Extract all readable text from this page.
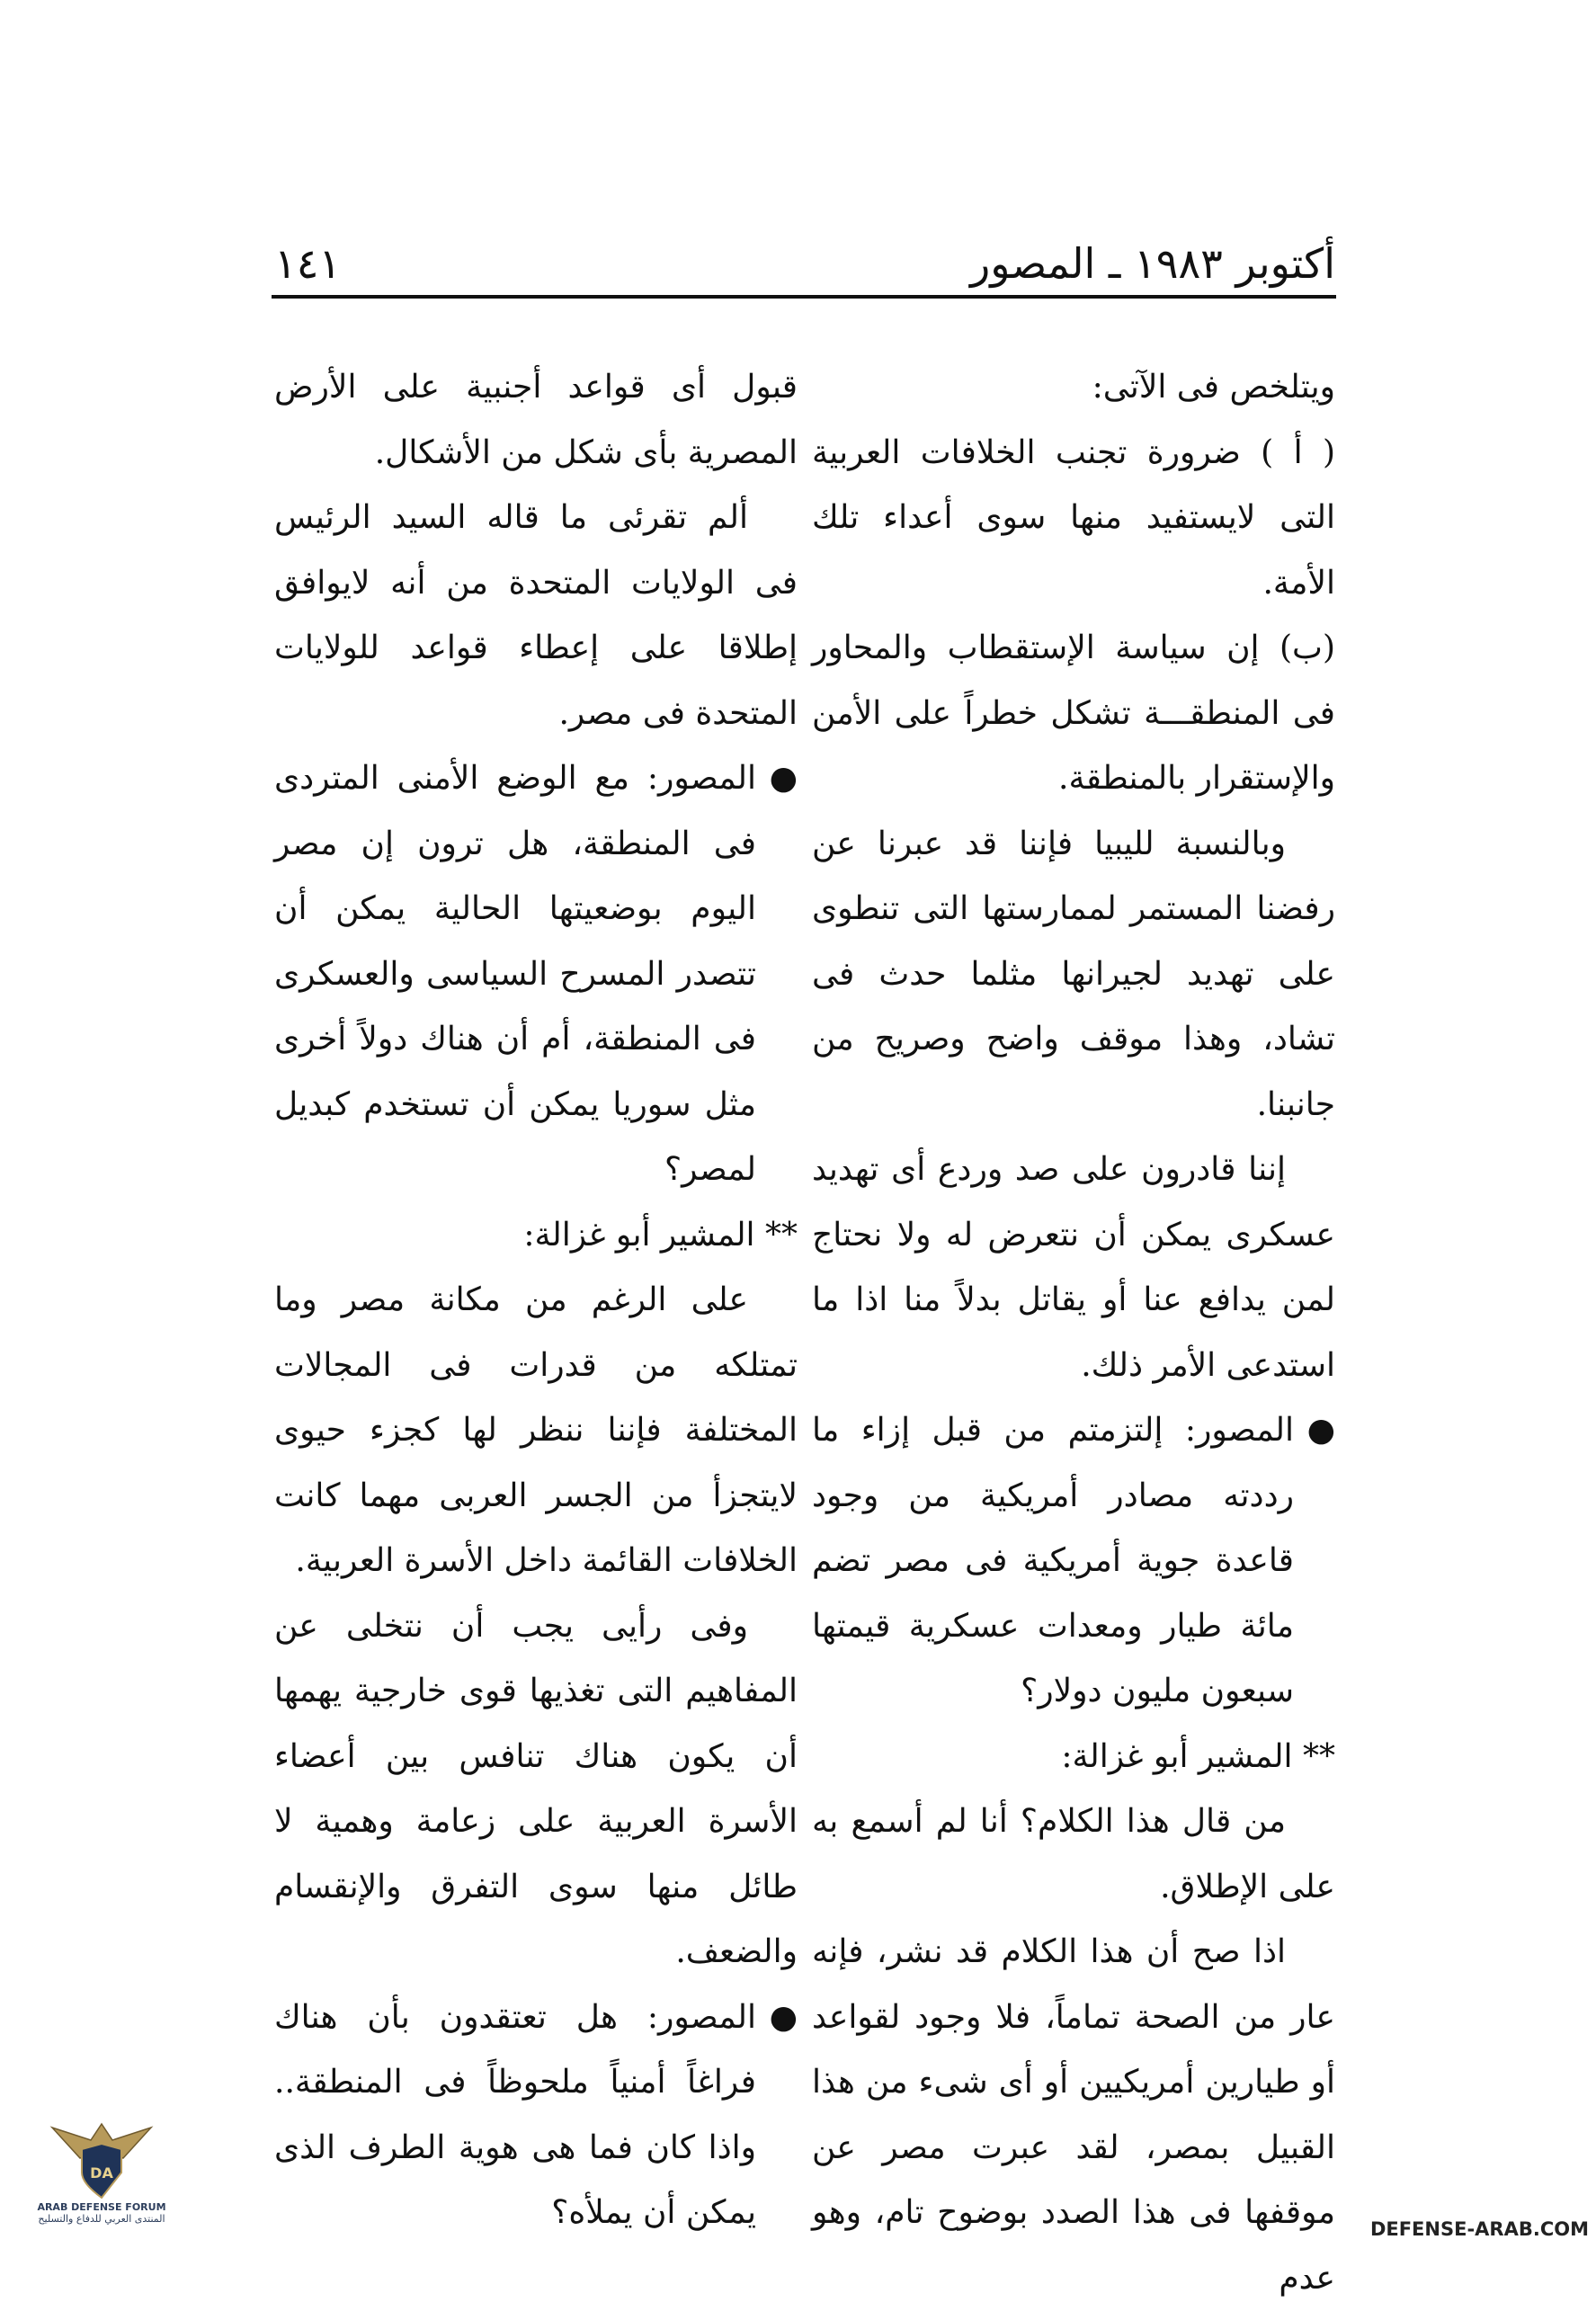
أكتوبر ١٩٨٣ ـ المصور
١٤١

ويتلخص فى الآتى:

( أ ) ضرورة تجنب الخلافات العربية التى لايستفيد منها سوى أعداء تلك الأمة.

(ب) إن سياسة الإستقطاب والمحاور فى المنطقـــة تشكل خطراً على الأمن والإستقرار بالمنطقة.

وبالنسبة لليبيا فإننا قد عبرنا عن رفضنا المستمر لممارستها التى تنطوى على تهديد لجيرانها مثلما حدث فى تشاد، وهذا موقف واضح وصريح من جانبنا.

إننا قادرون على صد وردع أى تهديد عسكرى يمكن أن نتعرض له ولا نحتاج لمن يدافع عنا أو يقاتل بدلاً منا اذا ما استدعى الأمر ذلك.

●المصور: إلتزمتم من قبل إزاء ما رددته مصادر أمريكية من وجود قاعدة جوية أمريكية فى مصر تضم مائة طيار ومعدات عسكرية قيمتها سبعون مليون دولار؟

** المشير أبو غزالة:

من قال هذا الكلام؟ أنا لم أسمع به على الإطلاق.

اذا صح أن هذا الكلام قد نشر، فإنه عار من الصحة تماماً، فلا وجود لقواعد أو طيارين أمريكيين أو أى شىء من هذا القبيل بمصر، لقد عبرت مصر عن موقفها فى هذا الصدد بوضوح تام، وهو عدم

قبول أى قواعد أجنبية على الأرض المصرية بأى شكل من الأشكال.

ألم تقرئى ما قاله السيد الرئيس فى الولايات المتحدة من أنه لايوافق إطلاقا على إعطاء قواعد للولايات المتحدة فى مصر.

●المصور: مع الوضع الأمنى المتردى فى المنطقة، هل ترون إن مصر اليوم بوضعيتها الحالية يمكن أن تتصدر المسرح السياسى والعسكرى فى المنطقة، أم أن هناك دولاً أخرى مثل سوريا يمكن أن تستخدم كبديل لمصر؟

** المشير أبو غزالة:

على الرغم من مكانة مصر وما تمتلكه من قدرات فى المجالات المختلفة فإننا ننظر لها كجزء حيوى لايتجزأ من الجسر العربى مهما كانت الخلافات القائمة داخل الأسرة العربية.

وفى رأيى يجب أن نتخلى عن المفاهيم التى تغذيها قوى خارجية يهمها أن يكون هناك تنافس بين أعضاء الأسرة العربية على زعامة وهمية لا طائل منها سوى التفرق والإنقسام والضعف.

●المصور: هل تعتقدون بأن هناك فراغاً أمنياً ملحوظاً فى المنطقة.. واذا كان فما هى هوية الطرف الذى يمكن أن يملأه؟

DA
ARAB DEFENSE FORUM
المنتدى العربي للدفاع والتسليح	DEFENSE-ARAB.COM
